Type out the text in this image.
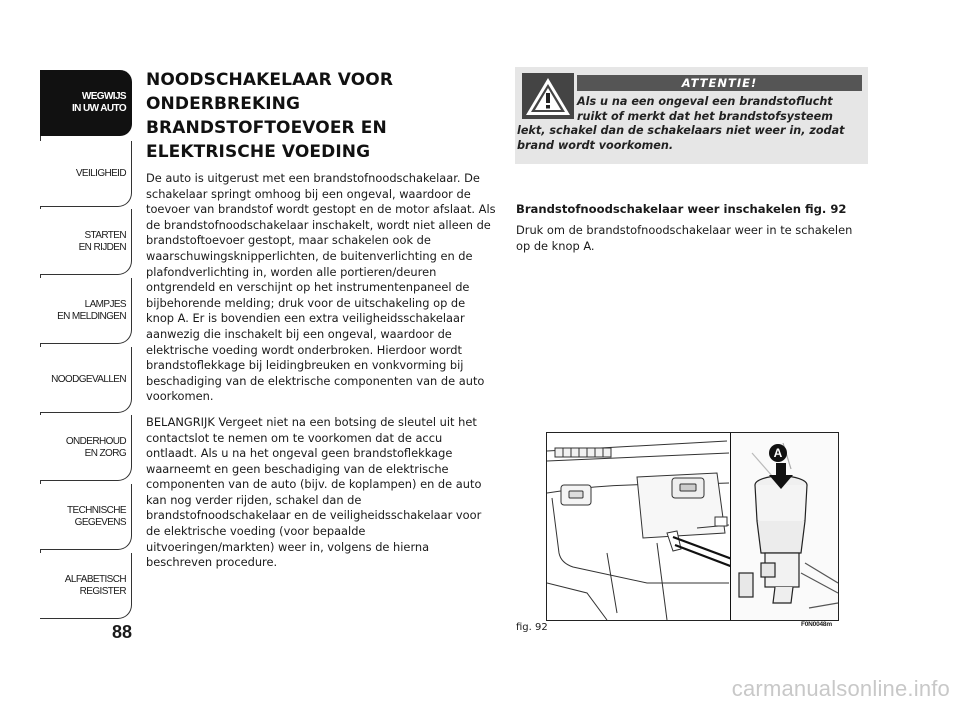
WEGWIJS
IN UW AUTO
VEILIGHEID
STARTEN
EN RIJDEN
LAMPJES
EN MELDINGEN
NOODGEVALLEN
ONDERHOUD
EN ZORG
TECHNISCHE
GEGEVENS
ALFABETISCH
REGISTER
88
NOODSCHAKELAAR VOOR ONDERBREKING BRANDSTOFTOEVOER EN ELEKTRISCHE VOEDING

De auto is uitgerust met een brandstofnoodschakelaar. De schakelaar springt omhoog bij een ongeval, waardoor de toevoer van brandstof wordt gestopt en de motor afslaat. Als de brandstofnoodschakelaar inschakelt, wordt niet alleen de brandstoftoevoer gestopt, maar schakelen ook de waarschuwingsknipperlichten, de buitenverlichting en de plafondverlichting in, worden alle portieren/deuren ontgrendeld en verschijnt op het instrumentenpaneel de bijbehorende melding; druk voor de uitschakeling op de knop A. Er is bovendien een extra veiligheidsschakelaar aanwezig die inschakelt bij een ongeval, waardoor de elektrische voeding wordt onderbroken. Hierdoor wordt brandstoflekkage bij leidingbreuken en vonkvorming bij beschadiging van de elektrische componenten van de auto voorkomen.

BELANGRIJK Vergeet niet na een botsing de sleutel uit het contactslot te nemen om te voorkomen dat de accu ontlaadt. Als u na het ongeval geen brandstoflekkage waarneemt en geen beschadiging van de elektrische componenten van de auto (bijv. de koplampen) en de auto kan nog verder rijden, schakel dan de brandstofnoodschakelaar en de veiligheidsschakelaar voor de elektrische voeding (voor bepaalde uitvoeringen/markten) weer in, volgens de hierna beschreven procedure.

ATTENTIE!

Als u na een ongeval een brandstoflucht ruikt of merkt dat het brandstofsysteem lekt, schakel dan de schakelaars niet weer in, zodat brand wordt voorkomen.

Brandstofnoodschakelaar weer inschakelen fig. 92

Druk om de brandstofnoodschakelaar weer in te schakelen op de knop A.

A
fig. 92	F0N0048m
carmanualsonline.info
